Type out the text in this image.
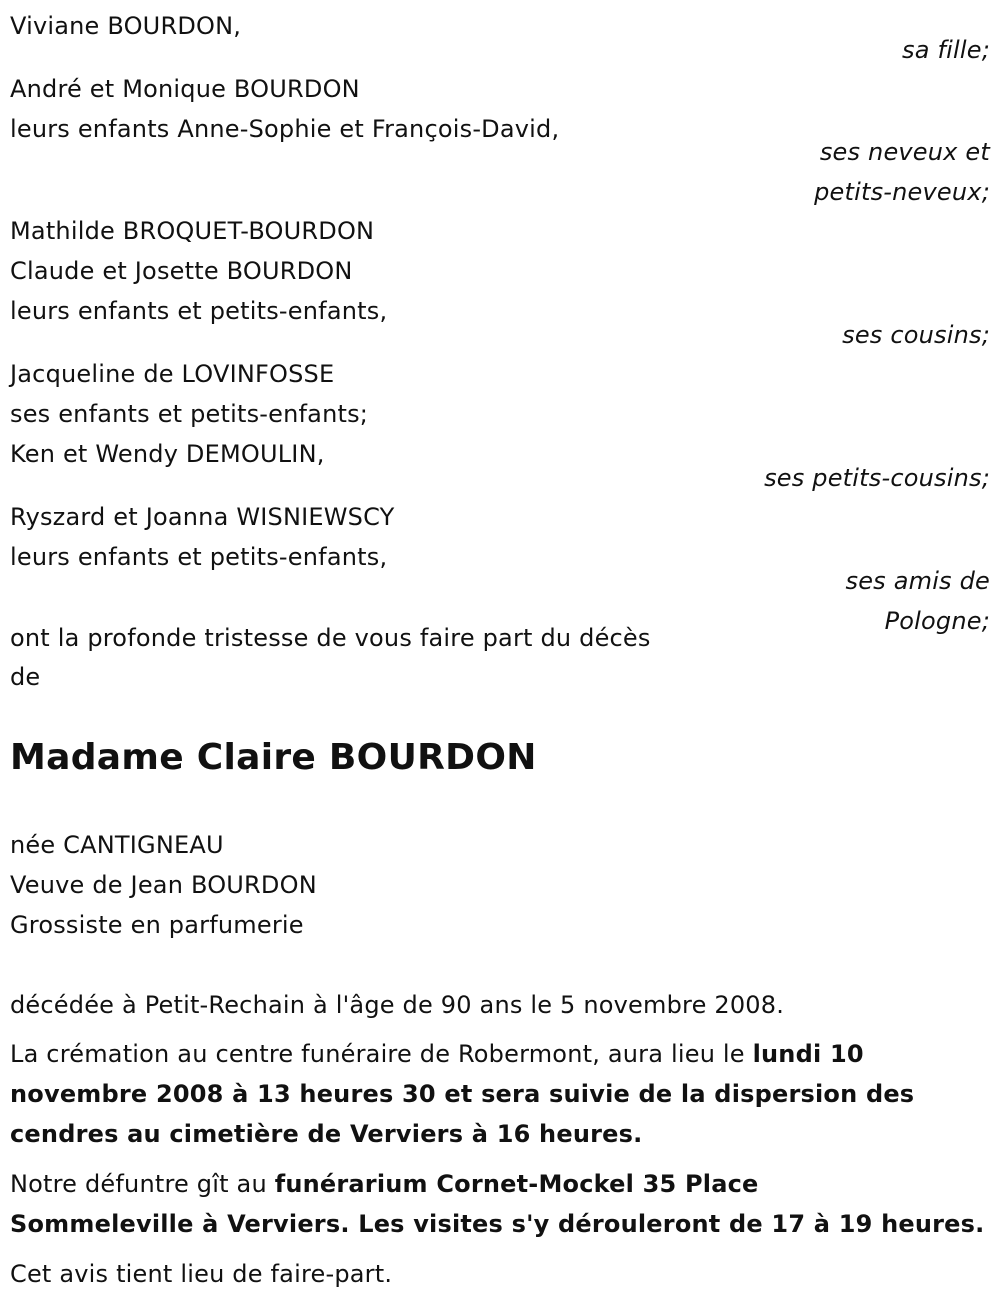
Viviane BOURDON,
sa fille;
André et Monique BOURDON
leurs enfants Anne-Sophie et François-David,
ses neveux et
petits-neveux;
Mathilde BROQUET-BOURDON
Claude et Josette BOURDON
leurs enfants et petits-enfants,
ses cousins;
Jacqueline de LOVINFOSSE
ses enfants et petits-enfants;
Ken et Wendy DEMOULIN,
ses petits-cousins;
Ryszard et Joanna WISNIEWSCY
leurs enfants et petits-enfants,
ses amis de
Pologne;
ont la profonde tristesse de vous faire part du décès
de
Madame Claire BOURDON
née CANTIGNEAU
Veuve de Jean BOURDON
Grossiste en parfumerie
décédée à Petit-Rechain à l'âge de 90 ans le 5 novembre 2008.
La crémation au centre funéraire de Robermont, aura lieu le lundi 10
novembre 2008 à 13 heures 30 et sera suivie de la dispersion des
cendres au cimetière de Verviers à 16 heures.
Notre défuntre gît au funérarium Cornet-Mockel 35 Place
Sommeleville à Verviers. Les visites s'y dérouleront de 17 à 19 heures.
Cet avis tient lieu de faire-part.
